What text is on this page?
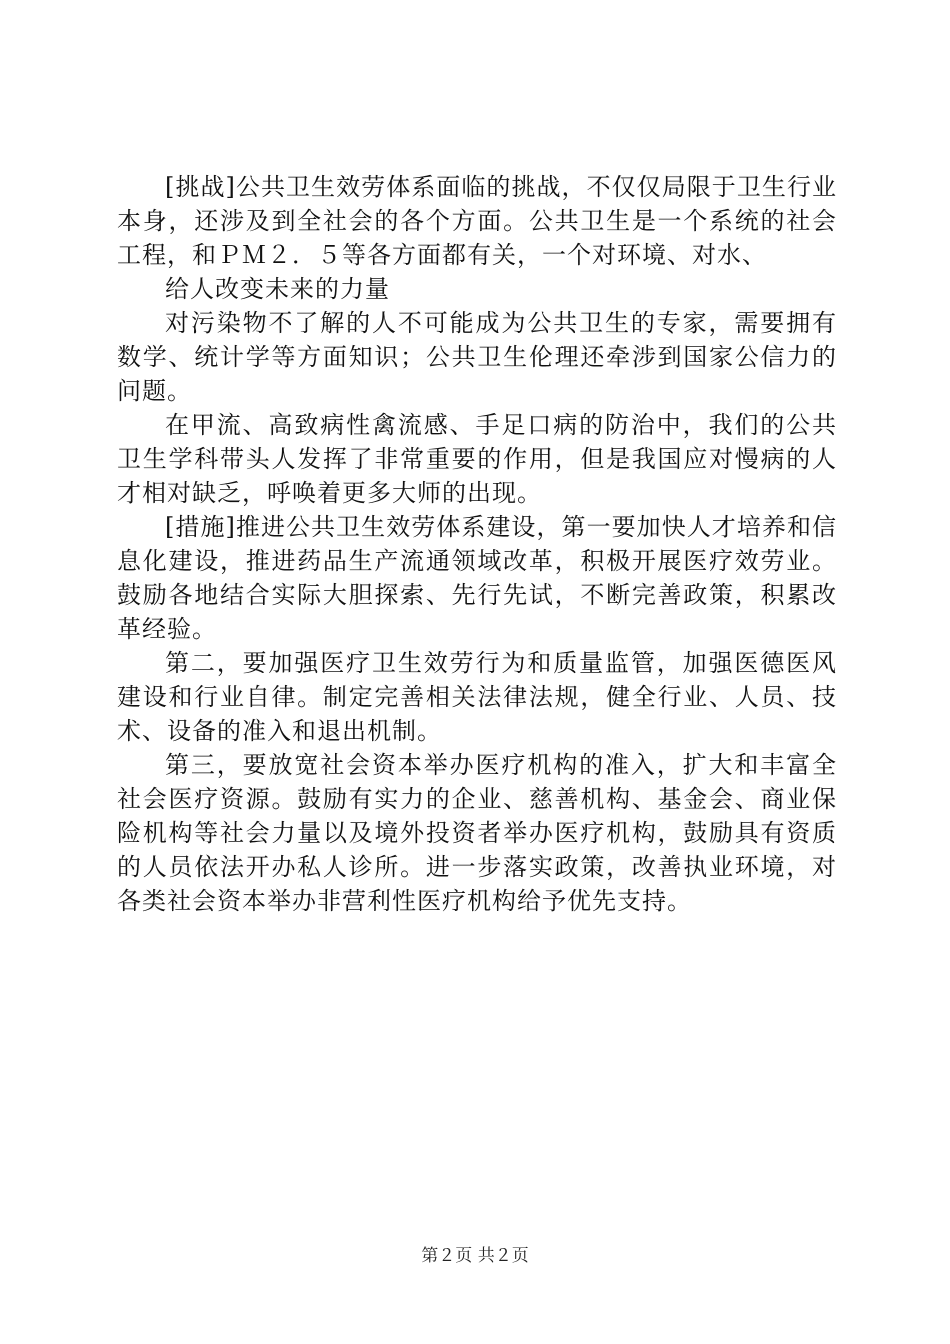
[挑战]公共卫生效劳体系面临的挑战，不仅仅局限于卫生行业本身，还涉及到全社会的各个方面。公共卫生是一个系统的社会工程，和ＰＭ２．５等各方面都有关，一个对环境、对水、

给人改变未来的力量

对污染物不了解的人不可能成为公共卫生的专家，需要拥有数学、统计学等方面知识；公共卫生伦理还牵涉到国家公信力的问题。

在甲流、高致病性禽流感、手足口病的防治中，我们的公共卫生学科带头人发挥了非常重要的作用，但是我国应对慢病的人才相对缺乏，呼唤着更多大师的出现。

[措施]推进公共卫生效劳体系建设，第一要加快人才培养和信息化建设，推进药品生产流通领域改革，积极开展医疗效劳业。鼓励各地结合实际大胆探索、先行先试，不断完善政策，积累改革经验。

第二，要加强医疗卫生效劳行为和质量监管，加强医德医风建设和行业自律。制定完善相关法律法规，健全行业、人员、技术、设备的准入和退出机制。

第三，要放宽社会资本举办医疗机构的准入，扩大和丰富全社会医疗资源。鼓励有实力的企业、慈善机构、基金会、商业保险机构等社会力量以及境外投资者举办医疗机构，鼓励具有资质的人员依法开办私人诊所。进一步落实政策，改善执业环境，对各类社会资本举办非营利性医疗机构给予优先支持。

第２页 共２页
